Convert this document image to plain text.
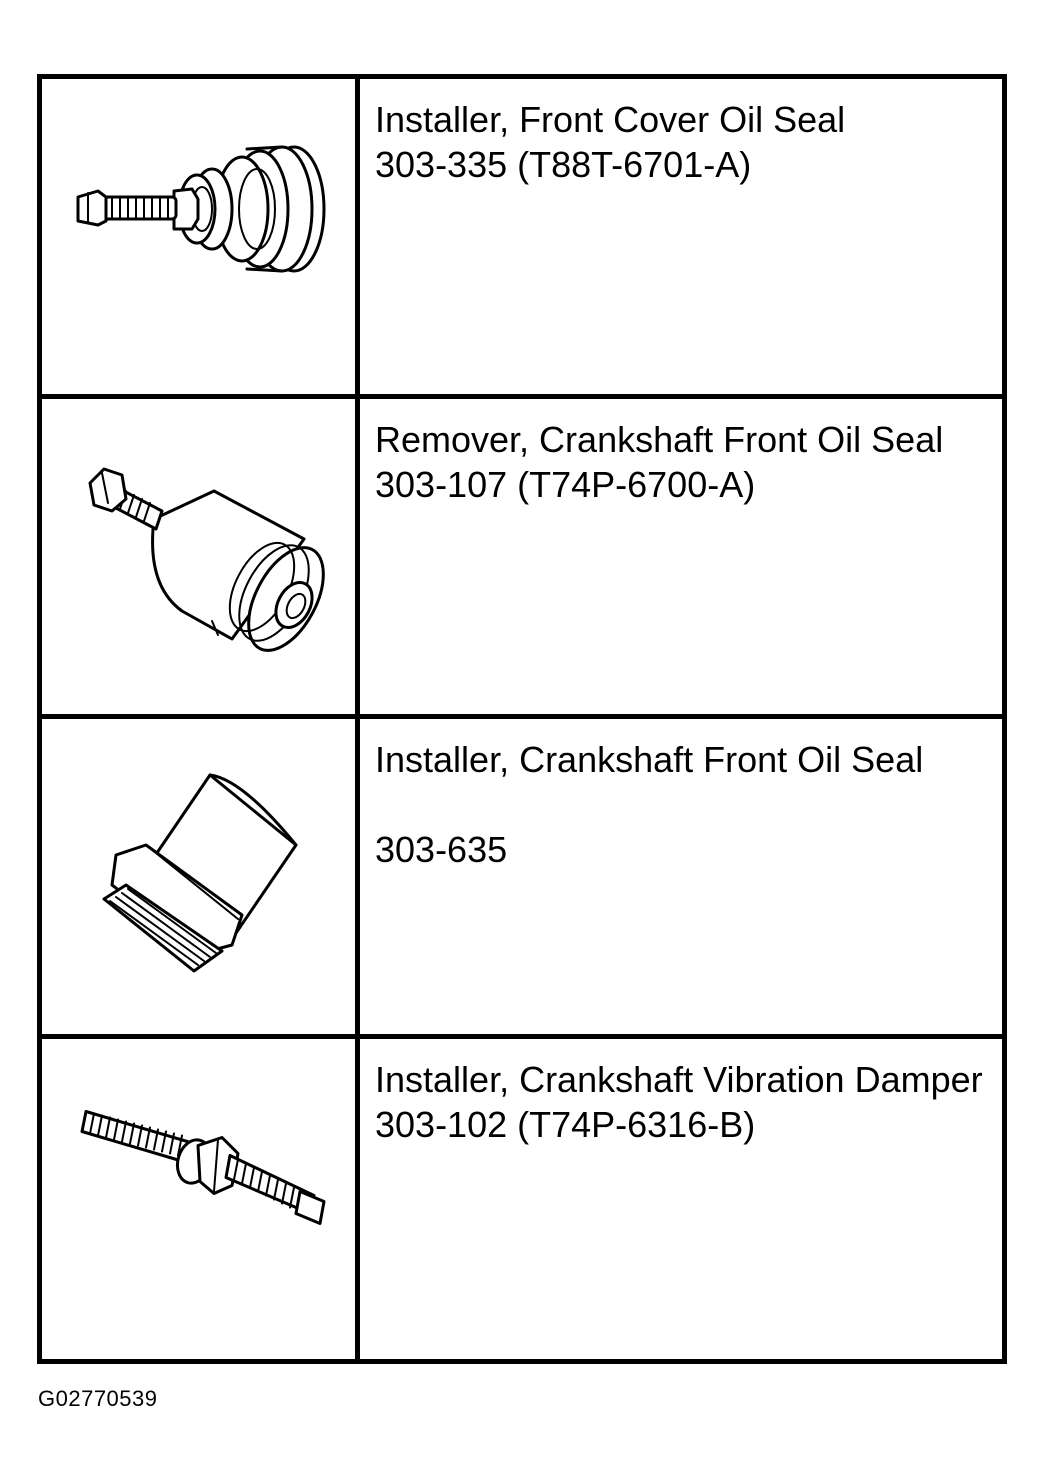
Installer, Front Cover Oil Seal
303-335 (T88T-6701-A)
Remover, Crankshaft Front Oil Seal
303-107 (T74P-6700-A)
Installer, Crankshaft Front Oil Seal
303-635
Installer, Crankshaft Vibration Damper
303-102 (T74P-6316-B)
G02770539
